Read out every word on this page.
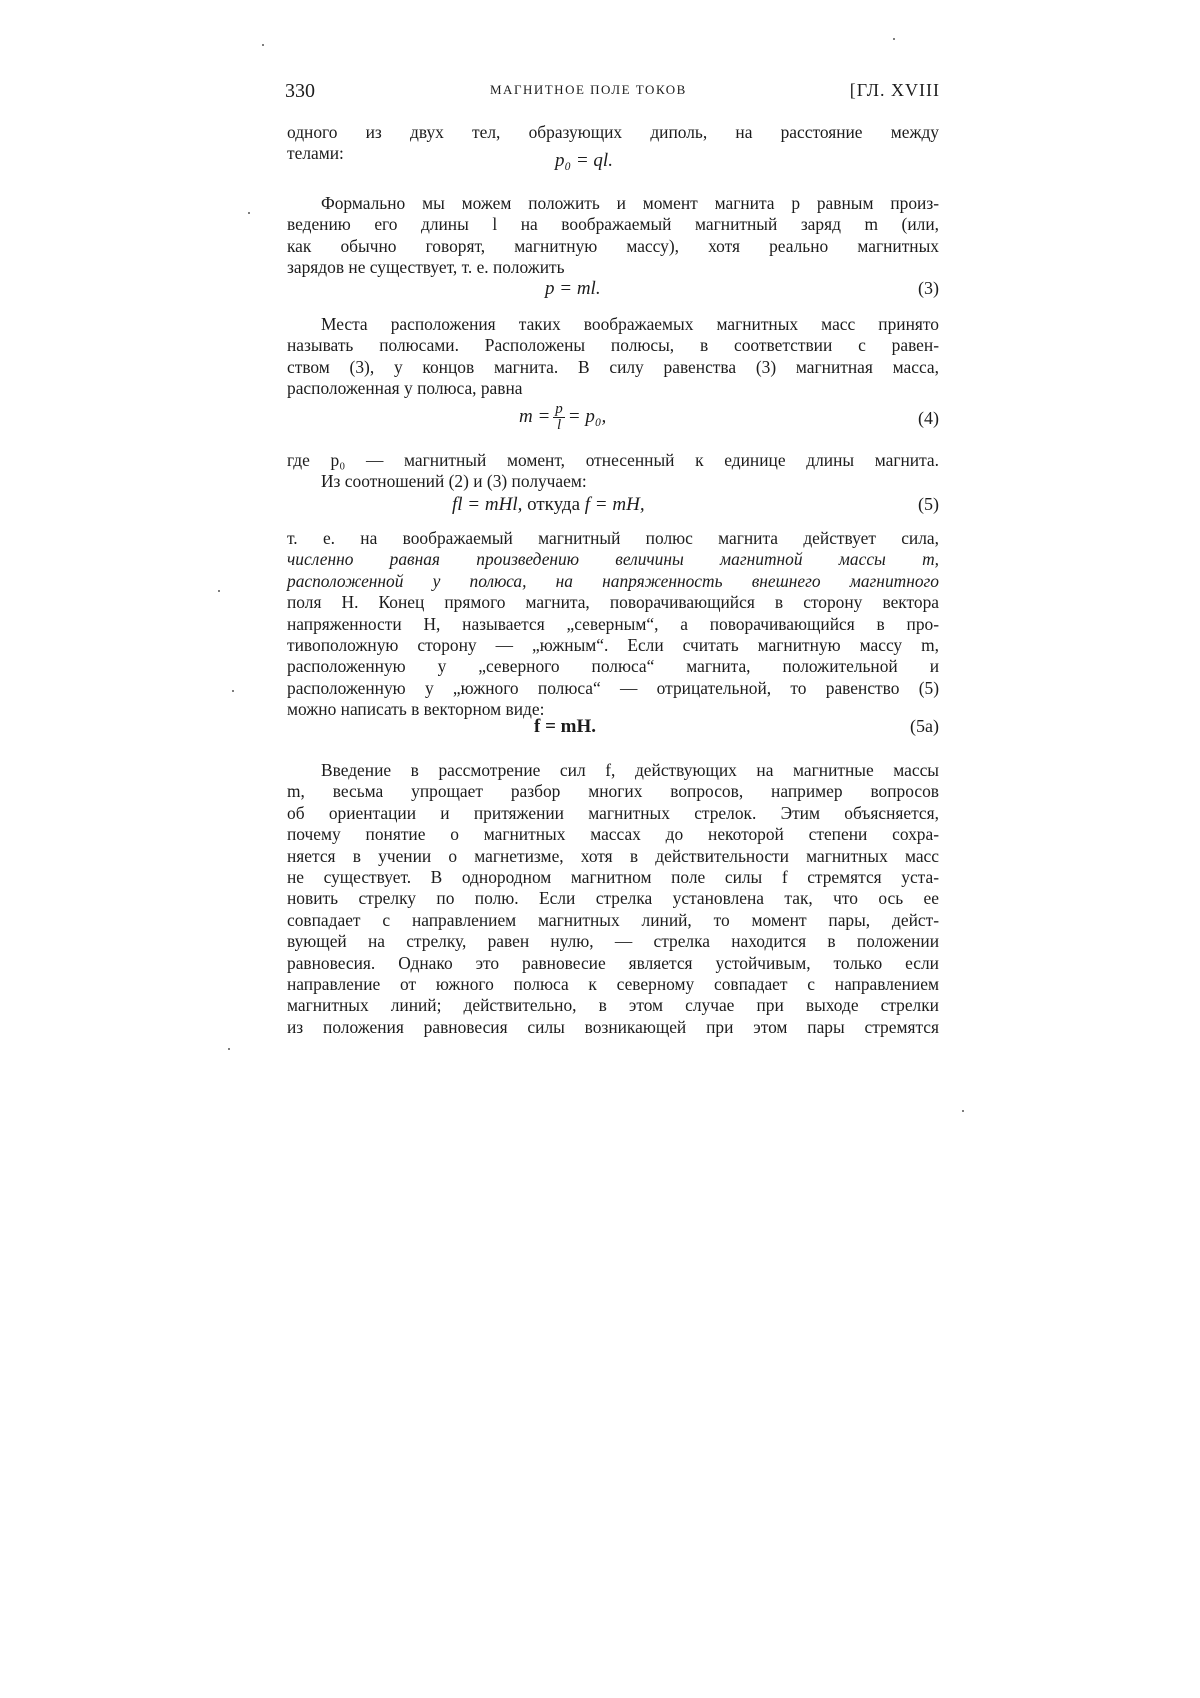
330	МАГНИТНОЕ ПОЛЕ ТОКОВ	[ГЛ. XVIII
одного из двух тел, образующих диполь, на расстояние между
телами:	p₀ = ql.
Формально мы можем положить и момент магнита p равным произ-
ведению его длины l на воображаемый магнитный заряд m (или,
как обычно говорят, магнитную массу), хотя реально магнитных
зарядов не существует, т. е. положить
p = ml.	(3)
Места расположения таких воображаемых магнитных масс принято
называть полюсами. Расположены полюсы, в соответствии с равен-
ством (3), у концов магнита. В силу равенства (3) магнитная масса,
расположенная у полюса, равна
$m = \frac{p}{l} = p_0$,	(4)
где p₀ — магнитный момент, отнесенный к единице длины магнита.
Из соотношений (2) и (3) получаем:
fl = mHl, откуда f = mH,	(5)
т. е. на воображаемый магнитный полюс магнита действует сила,
численно равная произведению величины магнитной массы m,
расположенной у полюса, на напряженность внешнего магнитного
поля H. Конец прямого магнита, поворачивающийся в сторону вектора
напряженности H, называется „северным“, а поворачивающийся в про-
тивоположную сторону — „южным“. Если считать магнитную массу m,
расположенную у „северного полюса“ магнита, положительной и
расположенную у „южного полюса“ — отрицательной, то равенство (5)
можно написать в векторном виде:
f = mH.	(5a)
Введение в рассмотрение сил f, действующих на магнитные массы
m, весьма упрощает разбор многих вопросов, например вопросов
об ориентации и притяжении магнитных стрелок. Этим объясняется,
почему понятие о магнитных массах до некоторой степени сохра-
няется в учении о магнетизме, хотя в действительности магнитных масс
не существует. В однородном магнитном поле силы f стремятся уста-
новить стрелку по полю. Если стрелка установлена так, что ось ее
совпадает с направлением магнитных линий, то момент пары, дейст-
вующей на стрелку, равен нулю, — стрелка находится в положении
равновесия. Однако это равновесие является устойчивым, только если
направление от южного полюса к северному совпадает с направлением
магнитных линий; действительно, в этом случае при выходе стрелки
из положения равновесия силы возникающей при этом пары стремятся
